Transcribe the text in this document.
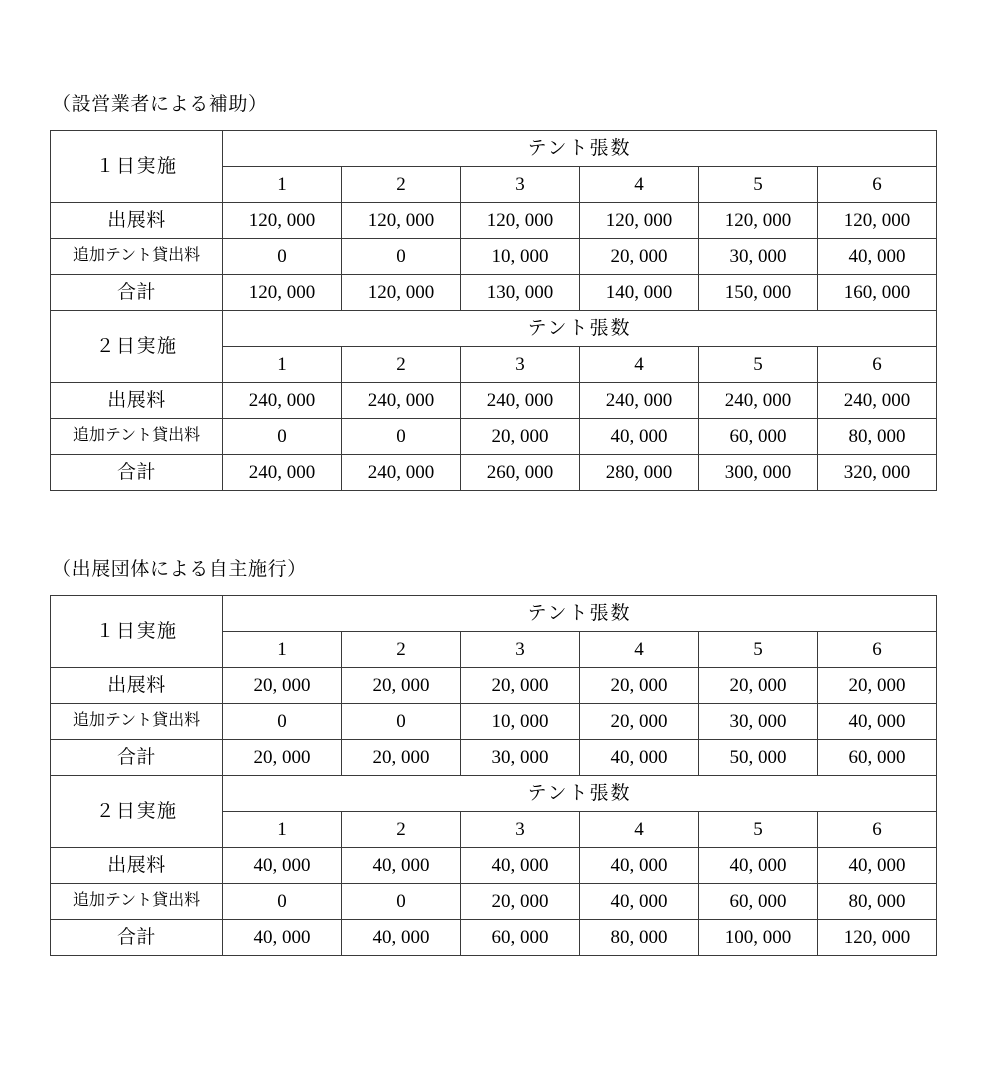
（設営業者による補助）
１日実施	テント張数					
	1	2	3	4	5	6
出展料	120, 000	120, 000	120, 000	120, 000	120, 000	120, 000
追加テント貸出料	0	0	10, 000	20, 000	30, 000	40, 000
合計	120, 000	120, 000	130, 000	140, 000	150, 000	160, 000
２日実施	テント張数					
	1	2	3	4	5	6
出展料	240, 000	240, 000	240, 000	240, 000	240, 000	240, 000
追加テント貸出料	0	0	20, 000	40, 000	60, 000	80, 000
合計	240, 000	240, 000	260, 000	280, 000	300, 000	320, 000
（出展団体による自主施行）
１日実施	テント張数					
	1	2	3	4	5	6
出展料	20, 000	20, 000	20, 000	20, 000	20, 000	20, 000
追加テント貸出料	0	0	10, 000	20, 000	30, 000	40, 000
合計	20, 000	20, 000	30, 000	40, 000	50, 000	60, 000
２日実施	テント張数					
	1	2	3	4	5	6
出展料	40, 000	40, 000	40, 000	40, 000	40, 000	40, 000
追加テント貸出料	0	0	20, 000	40, 000	60, 000	80, 000
合計	40, 000	40, 000	60, 000	80, 000	100, 000	120, 000
